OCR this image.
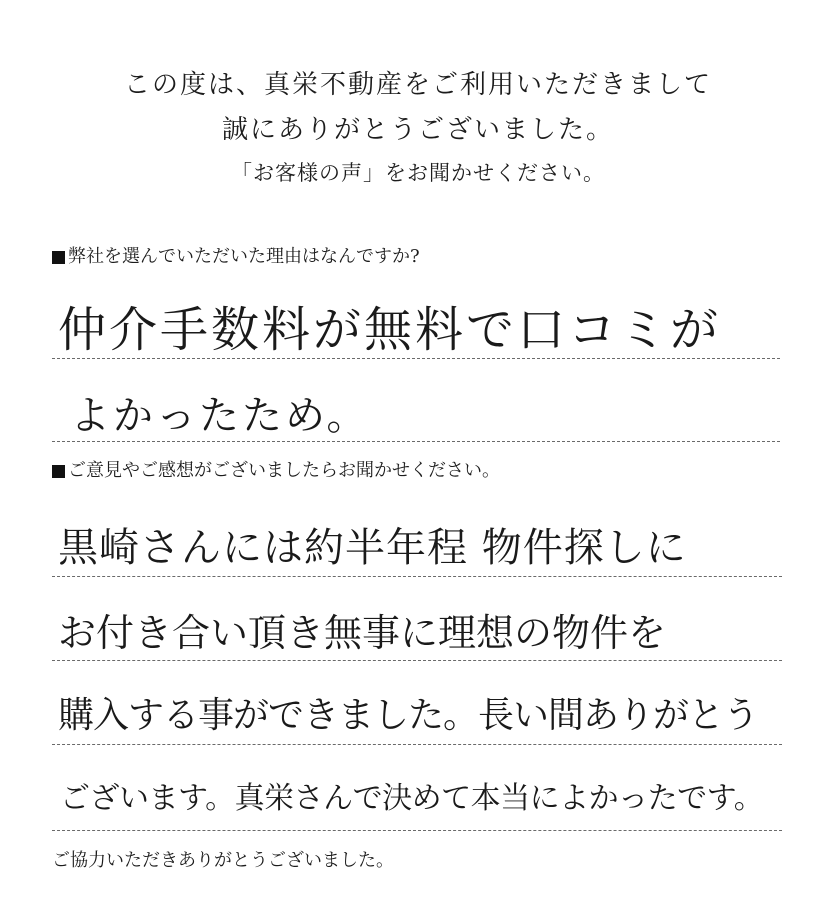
この度は、真栄不動産をご利用いただきまして
誠にありがとうございました。
「お客様の声」をお聞かせください。
弊社を選んでいただいた理由はなんですか?
仲介手数料が無料で口コミが
よかったため。
ご意見やご感想がございましたらお聞かせください。
黒崎さんには約半年程 物件探しに
お付き合い頂き無事に理想の物件を
購入する事ができました。長い間ありがとう
ございます。真栄さんで決めて本当によかったです。
ご協力いただきありがとうございました。
